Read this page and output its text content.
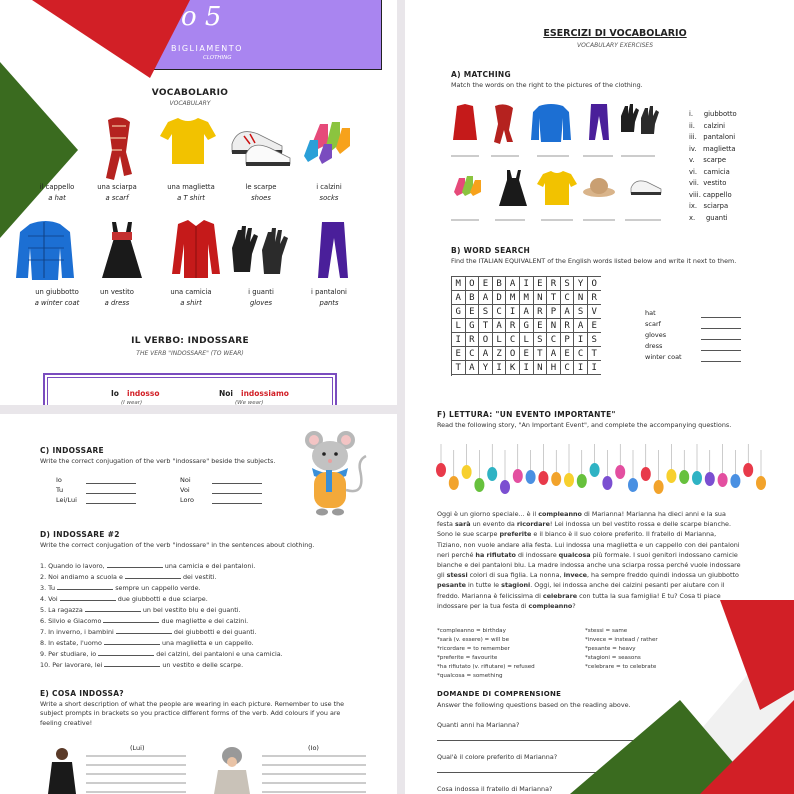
o 5
BIGLIAMENTO
CLOTHING
VOCABOLARIO
VOCABULARY
IL VERBO: INDOSSARE
THE VERB "INDOSSARE" (TO WEAR)
Io indosso
(I wear)
Noi indossiamo
(We wear)
il cappello
a hat
una sciarpa
a scarf
una maglietta
a T shirt
le scarpe
shoes
i calzini
socks
un giubbotto
a winter coat
un vestito
a dress
una camicia
a shirt
i guanti
gloves
i pantaloni
pants
C) INDOSSARE
Write the correct conjugation of the verb "indossare" beside the subjects.
D) INDOSSARE #2
Write the correct conjugation of the verb "indossare" in the sentences about clothing.
E) COSA INDOSSA?
Write a short description of what the people are wearing in each picture. Remember to use the subject prompts in brackets so you practice different forms of the verb. Add colours if you are feeling creative!
(Lui)	(Io)
Io
Tu
Lei/Lui
Noi
Voi
Loro
1. Quando io lavoro,	una camicia e dei pantaloni.
2. Noi andiamo a scuola e	dei vestiti.
3. Tu	sempre un cappello verde.
4. Voi	due giubbotti e due sciarpe.
5. La ragazza	un bel vestito blu e dei guanti.
6. Silvio e Giacomo	due magliette e dei calzini.
7. In inverno, i bambini	dei giubbotti e dei guanti.
8. In estate, l'uomo	una maglietta e un cappello.
9. Per studiare, io	dei calzini, dei pantaloni e una camicia.
10. Per lavorare, lei	un vestito e delle scarpe.
ESERCIZI DI VOCABOLARIO
VOCABULARY EXERCISES
A) MATCHING
Match the words on the right to the pictures of the clothing.
B) WORD SEARCH
Find the ITALIAN EQUIVALENT of the English words listed below and write it next to them.
M O E B A I E R S Y O
A B A D M M N T C N R
G E S C I A R P A S V
L G T A R G E N R A E
I R O L C L S C P I S
E C A Z O E T A E C T
T A Y I K I N H C I I
F) LETTURA: "UN EVENTO IMPORTANTE"
Read the following story, "An Important Event", and complete the accompanying questions.
DOMANDE DI COMPRENSIONE
Answer the following questions based on the reading above.
i.     giubbotto
ii.    calzini
iii.   pantaloni
iv.   maglietta
v.    scarpe
vi.   camicia
vii.  vestito
viii. cappello
ix.   sciarpa
x.     guanti
hat
scarf
gloves
dress
winter coat
Oggi è un giorno speciale... è il compleanno di Marianna! Marianna ha dieci anni e la sua
festa sarà un evento da ricordare! Lei indossa un bel vestito rossa e delle scarpe bianche.
Sono le sue scarpe preferite e il bianco è il suo colore preferito. Il fratello di Marianna,
Tiziano, non vuole andare alla festa. Lui indossa una maglietta e un cappello con dei pantaloni
neri perché ha rifiutato di indossare qualcosa più formale. I suoi genitori indossano camicie
bianche e dei pantaloni blu. La madre indossa anche una sciarpa rossa perché vuole indossare
gli stessi colori di sua figlia. La nonna, invece, ha sempre freddo quindi indossa un giubbotto
pesante in tutte le stagioni. Oggi, lei indossa anche dei calzini pesanti per aiutare con il
freddo. Marianna è felicissima di celebrare con tutta la sua famiglia! E tu? Cosa ti piace
indossare per la tua festa di compleanno?
*compleanno = birthday
*sarà (v. essere) = will be
*ricordare = to remember
*preferite = favourite
*ha rifiutato (v. rifiutare) = refused
*qualcosa = something
*stessi = same
*invece = instead / rather
*pesante = heavy
*stagioni = seasons
*celebrare = to celebrate
Quanti anni ha Marianna?
Qual'è il colore preferito di Marianna?
Cosa indossa il fratello di Marianna?
